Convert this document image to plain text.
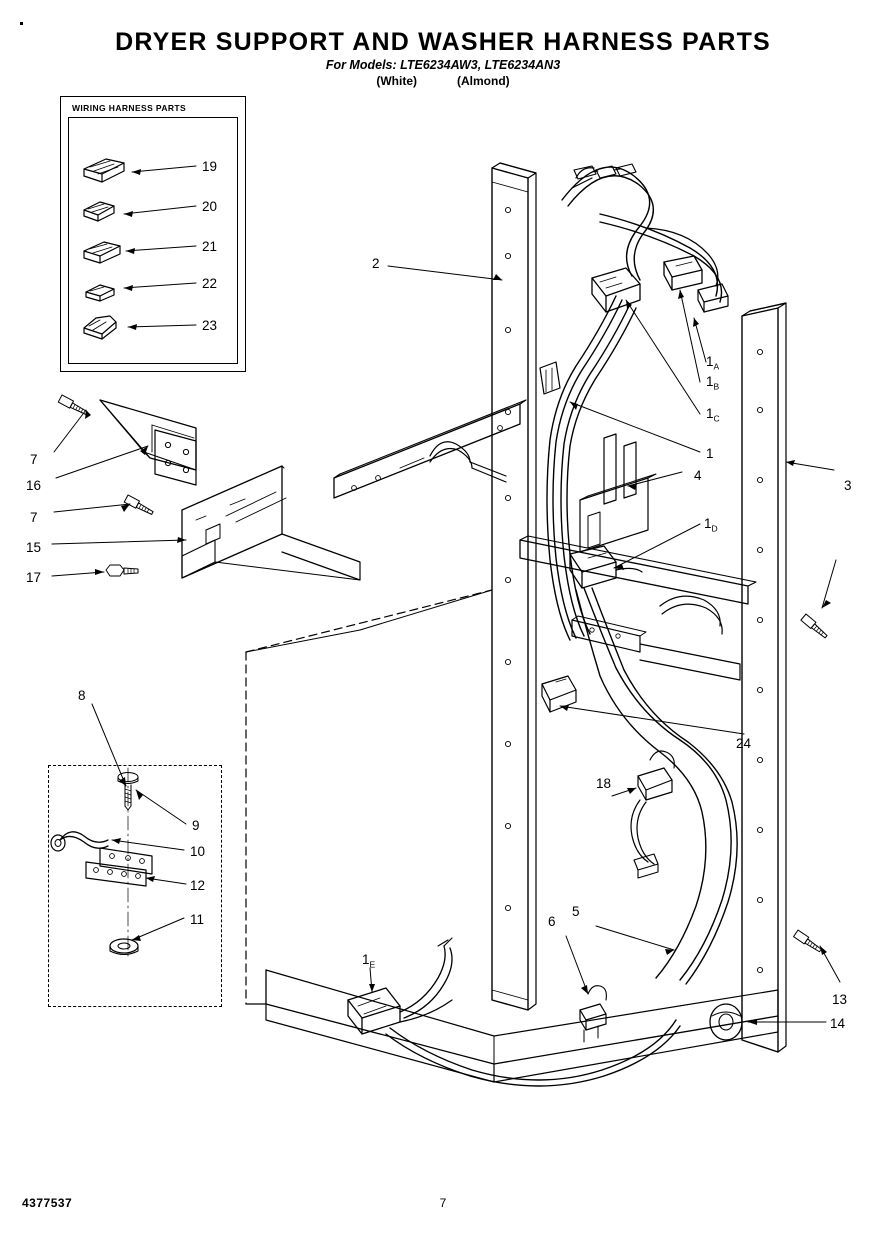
DRYER SUPPORT AND WASHER HARNESS PARTS
For Models: LTE6234AW3, LTE6234AN3
(White)	(Almond)
WIRING HARNESS PARTS
19
20
21
22
23
7
16
7
15
17
8
9
10
12
11
2
$1_A$
$1_B$
$1_C$
1
4
3
$1_D$
24
18
5
6
$1_E$
13
14
4377537	7
